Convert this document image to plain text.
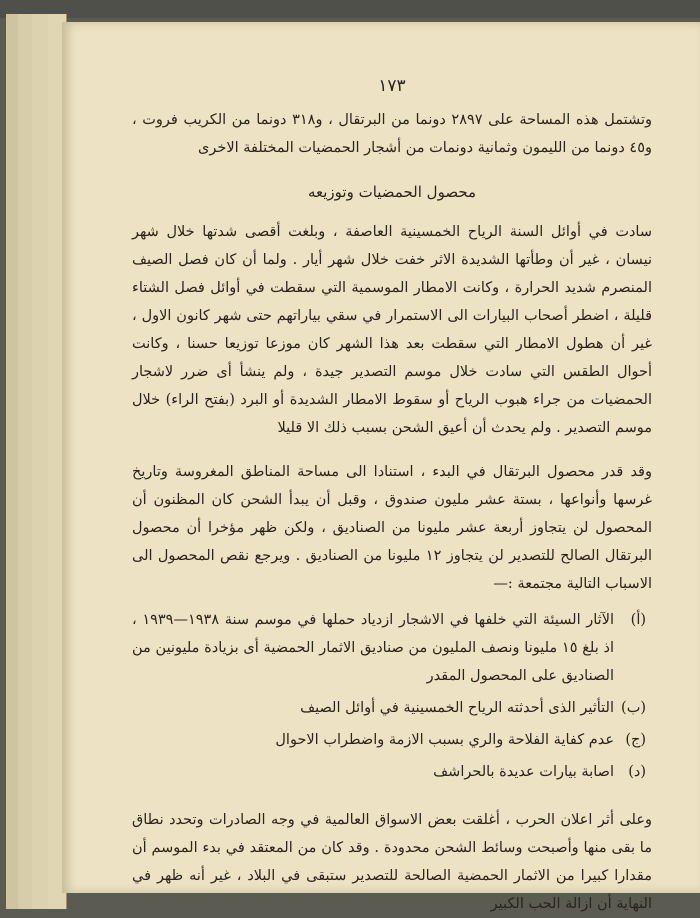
١٧٣

وتشتمل هذه المساحة على ٢٨٩٧ دونما من البرتقال ، و٣١٨ دونما من الكريب فروت ، و٤٥ دونما من الليمون وثمانية دونمات من أشجار الحمضيات المختلفة الاخرى

محصول الحمضيات وتوزيعه

سادت في أوائل السنة الرياح الخمسينية العاصفة ، وبلغت أقصى شدتها خلال شهر نيسان ، غير أن وطأتها الشديدة الاثر خفت خلال شهر أيار . ولما أن كان فصل الصيف المنصرم شديد الحرارة ، وكانت الامطار الموسمية التي سقطت في أوائل فصل الشتاء قليلة ، اضطر أصحاب البيارات الى الاستمرار في سقي بياراتهم حتى شهر كانون الاول ، غير أن هطول الامطار التي سقطت بعد هذا الشهر كان موزعا توزيعا حسنا ، وكانت أحوال الطقس التي سادت خلال موسم التصدير جيدة ، ولم ينشأ أى ضرر لاشجار الحمضيات من جراء هبوب الرياح أو سقوط الامطار الشديدة أو البرد (بفتح الراء) خلال موسم التصدير . ولم يحدث أن أعيق الشحن بسبب ذلك الا قليلا

وقد قدر محصول البرتقال في البدء ، استنادا الى مساحة المناطق المغروسة وتاريخ غرسها وأنواعها ، بستة عشر مليون صندوق ، وقبل أن يبدأ الشحن كان المظنون أن المحصول لن يتجاوز أربعة عشر مليونا من الصناديق ، ولكن ظهر مؤخرا أن محصول البرتقال الصالح للتصدير لن يتجاوز ١٢ مليونا من الصناديق . ويرجع نقص المحصول الى الاسباب التالية مجتمعة :—

(أ)
الآثار السيئة التي خلفها في الاشجار ازدياد حملها في موسم سنة ١٩٣٨—١٩٣٩ ، اذ بلغ ١٥ مليونا ونصف المليون من صناديق الاثمار الحمضية أى بزيادة مليونين من الصناديق على المحصول المقدر
(ب)
التأثير الذى أحدثته الرياح الخمسينية في أوائل الصيف
(ج)
عدم كفاية الفلاحة والري بسبب الازمة واضطراب الاحوال
(د)
اصابة بيارات عديدة بالحراشف

وعلى أثر اعلان الحرب ، أغلقت بعض الاسواق العالمية في وجه الصادرات وتحدد نطاق ما بقى منها وأصبحت وسائط الشحن محدودة . وقد كان من المعتقد في بدء الموسم أن مقدارا كبيرا من الاثمار الحمضية الصالحة للتصدير ستبقى في البلاد ، غير أنه ظهر في النهاية أن ازالة الحب الكبير
